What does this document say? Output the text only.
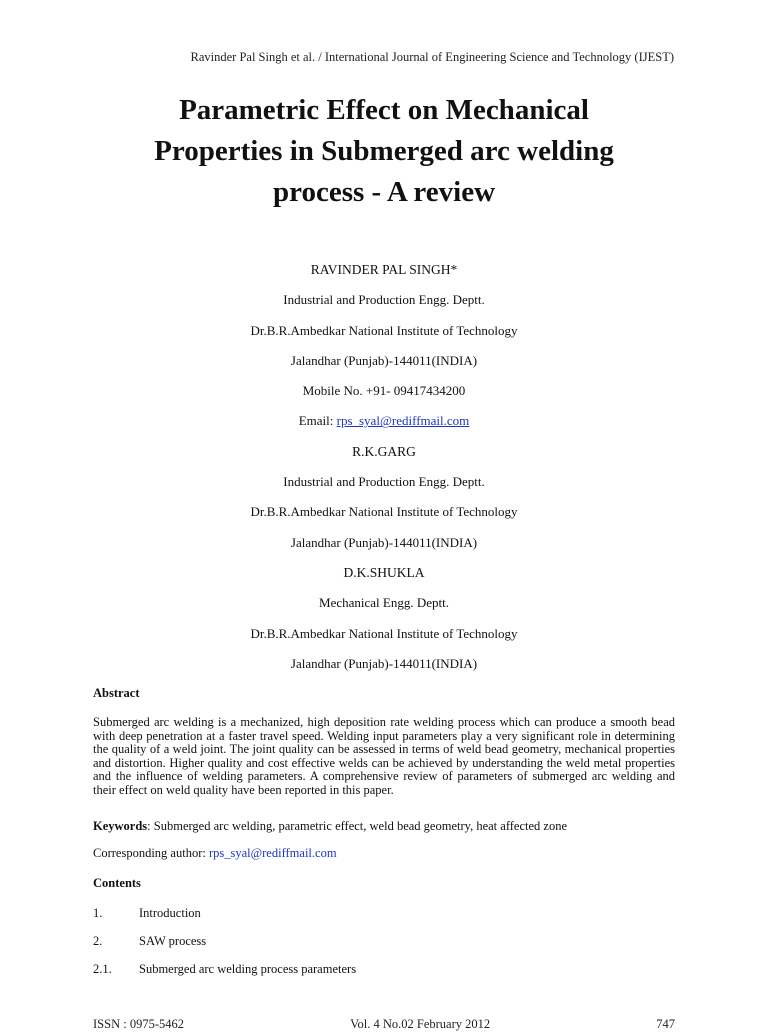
Ravinder Pal Singh et al. / International Journal of Engineering Science and Technology (IJEST)
Parametric Effect on Mechanical
Properties in Submerged arc welding
process - A review
RAVINDER PAL SINGH*
Industrial and Production Engg. Deptt.
Dr.B.R.Ambedkar National Institute of Technology
Jalandhar (Punjab)-144011(INDIA)
Mobile No. +91- 09417434200
Email: rps_syal@rediffmail.com
R.K.GARG
Industrial and Production Engg. Deptt.
Dr.B.R.Ambedkar National Institute of Technology
Jalandhar (Punjab)-144011(INDIA)
D.K.SHUKLA
Mechanical Engg. Deptt.
Dr.B.R.Ambedkar National Institute of Technology
Jalandhar (Punjab)-144011(INDIA)
Abstract
Submerged arc welding is a mechanized, high deposition rate welding process which can produce a smooth bead with deep penetration at a faster travel speed. Welding input parameters play a very significant role in determining the quality of a weld joint. The joint quality can be assessed in terms of weld bead geometry, mechanical properties and distortion. Higher quality and cost effective welds can be achieved by understanding the weld metal properties and the influence of welding parameters. A comprehensive review of parameters of submerged arc welding and their effect on weld quality have been reported in this paper.
Keywords: Submerged arc welding, parametric effect, weld bead geometry, heat affected zone
Corresponding author: rps_syal@rediffmail.com
Contents
1.	Introduction
2.	SAW process
2.1. Submerged arc welding process parameters
ISSN : 0975-5462	Vol. 4 No.02 February 2012	747
